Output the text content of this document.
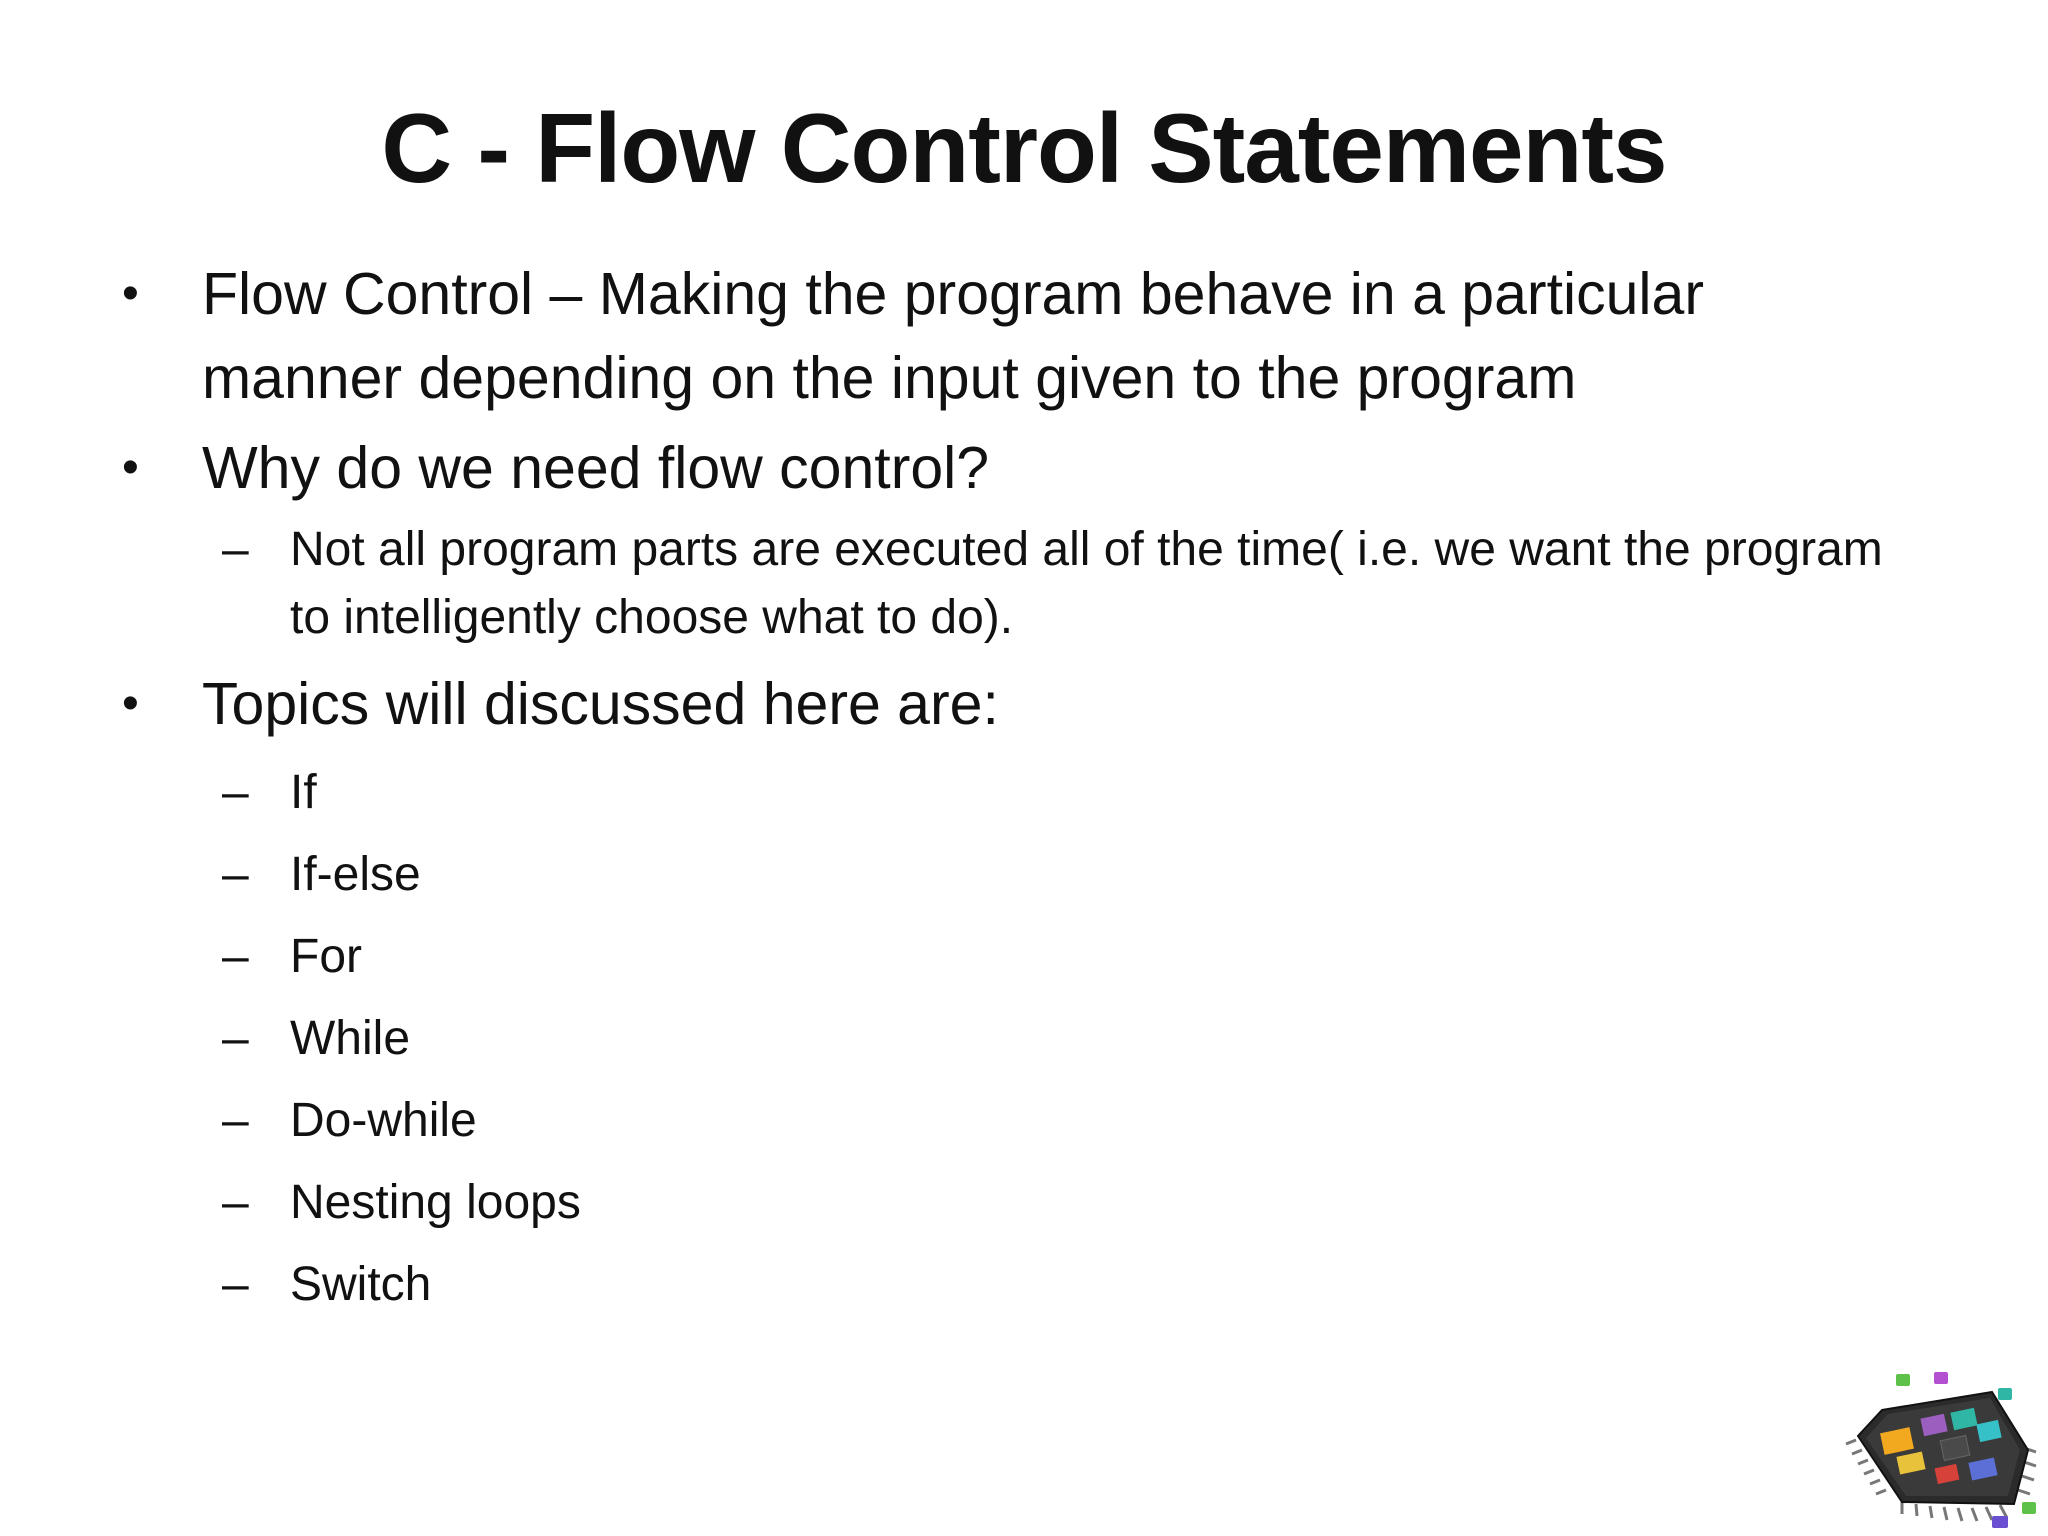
C - Flow Control Statements
• Flow Control – Making the program behave in a particular manner depending on the input given to the program
• Why do we need flow control?
– Not all program parts are executed all of the time( i.e. we want the program to intelligently choose what to do).
• Topics will discussed here are:
– If
– If-else
– For
– While
– Do-while
– Nesting loops
– Switch
